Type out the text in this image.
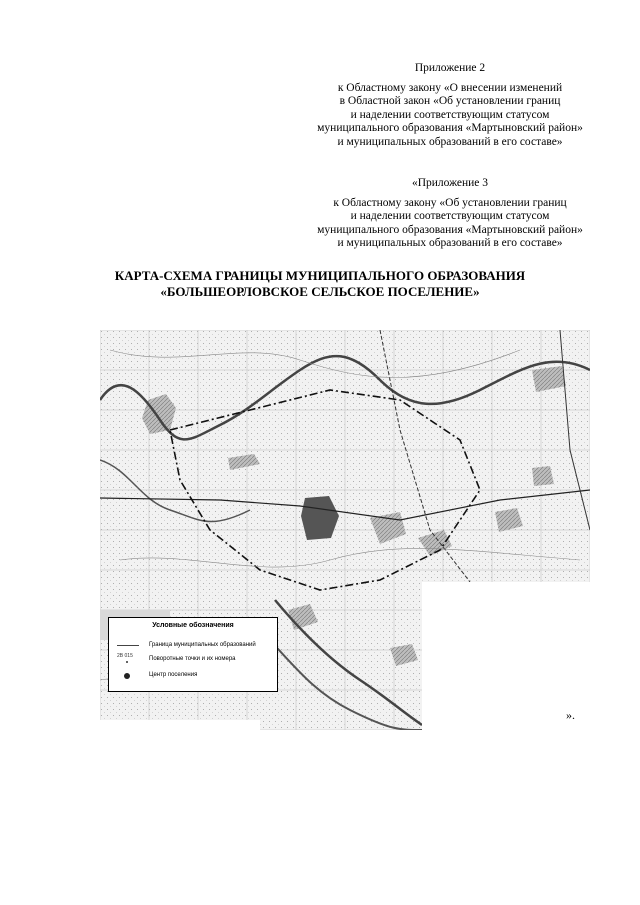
Приложение 2
к Областному закону «О внесении изменений
в Областной закон «Об установлении границ
и наделении соответствующим статусом
муниципального образования «Мартыновский район»
и муниципальных образований в его составе»
«Приложение 3
к Областному закону «Об установлении границ
и наделении соответствующим статусом
муниципального образования «Мартыновский район»
и муниципальных образований в его составе»
КАРТА-СХЕМА ГРАНИЦЫ МУНИЦИПАЛЬНОГО ОБРАЗОВАНИЯ
«БОЛЬШЕОРЛОВСКОЕ СЕЛЬСКОЕ ПОСЕЛЕНИЕ»
Условные обозначения
Граница муниципальных образований
2В 015	Поворотные точки и их номера
Центр поселения
».
